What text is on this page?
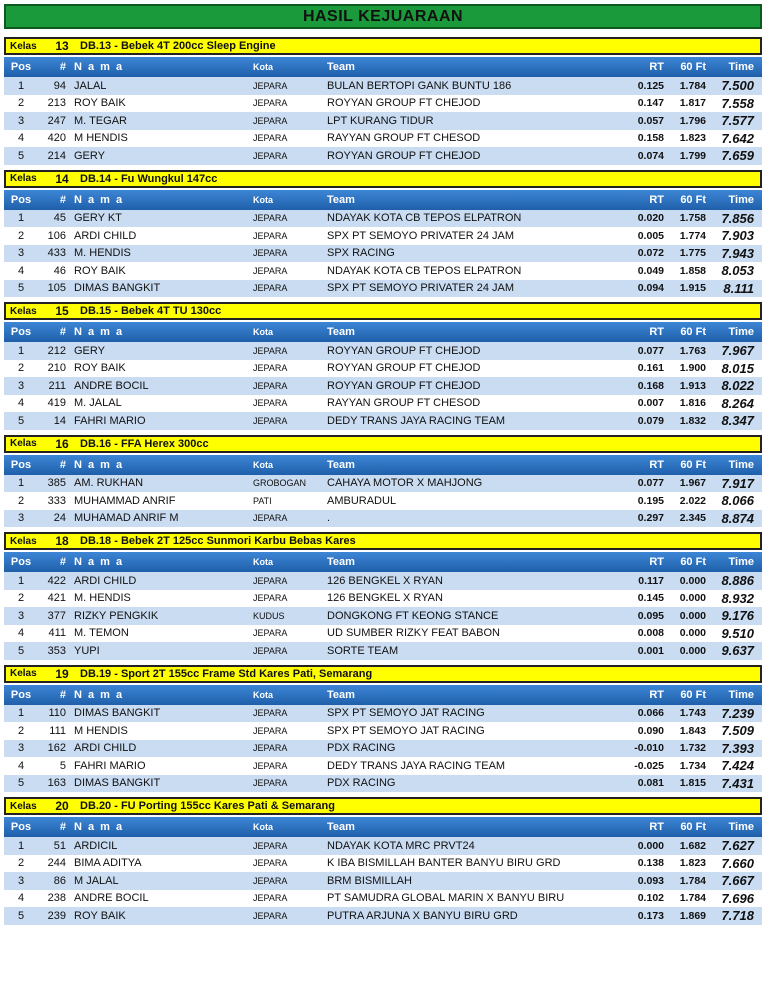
HASIL KEJUARAAN
Kelas	13	DB.13 - Bebek 4T 200cc Sleep Engine
Pos	# N a m a	Kota	Team	RT	60 Ft	Time
1	94 JALAL	JEPARA	BULAN BERTOPI GANK BUNTU 186	0.125	1.784	7.500
2	213 ROY BAIK	JEPARA	ROYYAN GROUP FT CHEJOD	0.147	1.817	7.558
3	247 M. TEGAR	JEPARA	LPT KURANG TIDUR	0.057	1.796	7.577
4	420 M HENDIS	JEPARA	RAYYAN GROUP FT CHESOD	0.158	1.823	7.642
5	214 GERY	JEPARA	ROYYAN GROUP FT CHEJOD	0.074	1.799	7.659
Kelas	14	DB.14 - Fu Wungkul 147cc
Pos	# N a m a	Kota	Team	RT	60 Ft	Time
1	45 GERY KT	JEPARA	NDAYAK KOTA CB TEPOS ELPATRON	0.020	1.758	7.856
2	106 ARDI CHILD	JEPARA	SPX PT SEMOYO PRIVATER 24 JAM	0.005	1.774	7.903
3	433 M. HENDIS	JEPARA	SPX RACING	0.072	1.775	7.943
4	46 ROY BAIK	JEPARA	NDAYAK KOTA CB TEPOS ELPATRON	0.049	1.858	8.053
5	105 DIMAS BANGKIT	JEPARA	SPX PT SEMOYO PRIVATER 24 JAM	0.094	1.915	8.111
Kelas	15	DB.15 - Bebek 4T TU 130cc
Pos	# N a m a	Kota	Team	RT	60 Ft	Time
1	212 GERY	JEPARA	ROYYAN GROUP FT CHEJOD	0.077	1.763	7.967
2	210 ROY BAIK	JEPARA	ROYYAN GROUP FT CHEJOD	0.161	1.900	8.015
3	211 ANDRE BOCIL	JEPARA	ROYYAN GROUP FT CHEJOD	0.168	1.913	8.022
4	419 M. JALAL	JEPARA	RAYYAN GROUP FT CHESOD	0.007	1.816	8.264
5	14 FAHRI MARIO	JEPARA	DEDY TRANS JAYA RACING TEAM	0.079	1.832	8.347
Kelas	16	DB.16 - FFA Herex 300cc
Pos	# N a m a	Kota	Team	RT	60 Ft	Time
1	385 AM. RUKHAN	GROBOGAN	CAHAYA MOTOR X MAHJONG	0.077	1.967	7.917
2	333 MUHAMMAD ANRIF	PATI	AMBURADUL	0.195	2.022	8.066
3	24 MUHAMAD ANRIF M	JEPARA	.	0.297	2.345	8.874
Kelas	18	DB.18 - Bebek 2T 125cc Sunmori Karbu Bebas Kares
Pos	# N a m a	Kota	Team	RT	60 Ft	Time
1	422 ARDI CHILD	JEPARA	126 BENGKEL X RYAN	0.117	0.000	8.886
2	421 M. HENDIS	JEPARA	126 BENGKEL X RYAN	0.145	0.000	8.932
3	377 RIZKY PENGKIK	KUDUS	DONGKONG FT KEONG STANCE	0.095	0.000	9.176
4	411 M. TEMON	JEPARA	UD SUMBER RIZKY FEAT BABON	0.008	0.000	9.510
5	353 YUPI	JEPARA	SORTE TEAM	0.001	0.000	9.637
Kelas	19	DB.19 - Sport 2T 155cc Frame Std Kares Pati, Semarang
Pos	# N a m a	Kota	Team	RT	60 Ft	Time
1	110 DIMAS BANGKIT	JEPARA	SPX PT SEMOYO JAT RACING	0.066	1.743	7.239
2	111 M HENDIS	JEPARA	SPX PT SEMOYO JAT RACING	0.090	1.843	7.509
3	162 ARDI CHILD	JEPARA	PDX RACING	-0.010	1.732	7.393
4	5 FAHRI MARIO	JEPARA	DEDY TRANS JAYA RACING TEAM	-0.025	1.734	7.424
5	163 DIMAS BANGKIT	JEPARA	PDX RACING	0.081	1.815	7.431
Kelas	20	DB.20 - FU Porting 155cc Kares Pati & Semarang
Pos	# N a m a	Kota	Team	RT	60 Ft	Time
1	51 ARDICIL	JEPARA	NDAYAK KOTA MRC PRVT24	0.000	1.682	7.627
2	244 BIMA ADITYA	JEPARA	K IBA BISMILLAH BANTER BANYU BIRU GRD	0.138	1.823	7.660
3	86 M JALAL	JEPARA	BRM BISMILLAH	0.093	1.784	7.667
4	238 ANDRE BOCIL	JEPARA	PT SAMUDRA GLOBAL MARIN X BANYU BIRU	0.102	1.784	7.696
5	239 ROY BAIK	JEPARA	PUTRA ARJUNA X BANYU BIRU GRD	0.173	1.869	7.718
